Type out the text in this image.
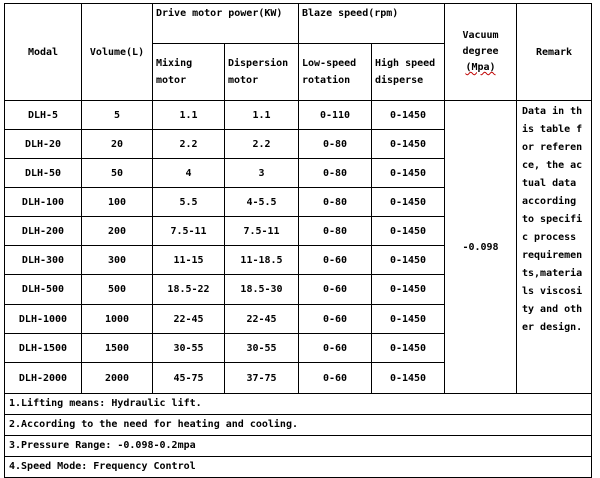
Modal	Volume(L)	Drive motor power(KW)		Blaze speed(rpm)		Vacuum
degree
(Mpa)	Remark
		Mixing motor	Dispersion motor	Low-speed rotation	High speed disperse		
DLH-5	5	1.1	1.1	0-110	0-1450	-0.098	Data in this table for reference, the actual data according to specific process requirements,materials viscosity and other design.
DLH-20	20	2.2	2.2	0-80	0-1450		
DLH-50	50	4	3	0-80	0-1450		
DLH-100	100	5.5	4-5.5	0-80	0-1450		
DLH-200	200	7.5-11	7.5-11	0-80	0-1450		
DLH-300	300	11-15	11-18.5	0-60	0-1450		
DLH-500	500	18.5-22	18.5-30	0-60	0-1450		
DLH-1000	1000	22-45	22-45	0-60	0-1450		
DLH-1500	1500	30-55	30-55	0-60	0-1450		
DLH-2000	2000	45-75	37-75	0-60	0-1450		
1.Lifting means: Hydraulic lift.							
2.According to the need for heating and cooling.							
3.Pressure Range: -0.098-0.2mpa							
4.Speed Mode: Frequency Control							
